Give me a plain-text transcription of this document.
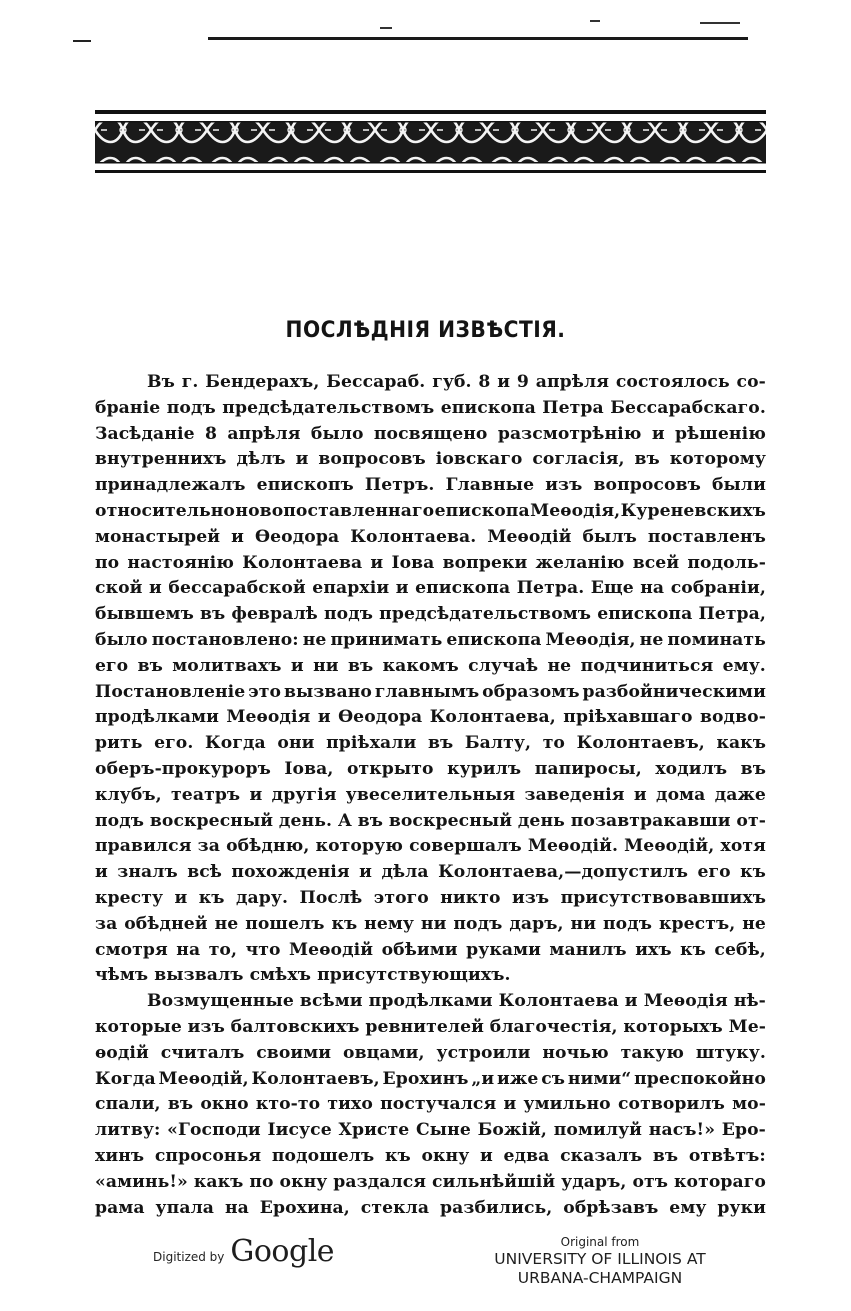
ПОСЛѢДНІЯ ИЗВѢСТІЯ.
Въ г. Бендерахъ, Бессараб. губ. 8 и 9 апрѣля состоялось со-
браніе подъ предсѣдательствомъ епископа Петра Бессарабскаго.
Засѣданіе 8 апрѣля было посвящено разсмотрѣнію и рѣшенію
внутреннихъ дѣлъ и вопросовъ іовскаго согласія, въ которому
принадлежалъ епископъ Петръ. Главные изъ вопросовъ были
относительно новопоставленнаго епископа Меѳодія, Куреневскихъ
монастырей и Ѳеодора Колонтаева. Меѳодій былъ поставленъ
по настоянію Колонтаева и Іова вопреки желанію всей подоль-
ской и бессарабской епархіи и епископа Петра. Еще на собраніи,
бывшемъ въ февралѣ подъ предсѣдательствомъ епископа Петра,
было постановлено: не принимать епископа Меѳодія, не поминать
его въ молитвахъ и ни въ какомъ случаѣ не подчиниться ему.
Постановленіе это вызвано главнымъ образомъ разбойническими
продѣлками Меѳодія и Ѳеодора Колонтаева, пріѣхавшаго водво-
рить его. Когда они пріѣхали въ Балту, то Колонтаевъ, какъ
оберъ-прокуроръ Іова, открыто курилъ папиросы, ходилъ въ
клубъ, театръ и другія увеселительныя заведенія и дома даже
подъ воскресный день. А въ воскресный день позавтракавши от-
правился за обѣдню, которую совершалъ Меѳодій. Меѳодій, хотя
и зналъ всѣ похожденія и дѣла Колонтаева,—допустилъ его къ
кресту и къ дару. Послѣ этого никто изъ присутствовавшихъ
за обѣдней не пошелъ къ нему ни подъ даръ, ни подъ крестъ, не
смотря на то, что Меѳодій обѣими руками манилъ ихъ къ себѣ,
чѣмъ вызвалъ смѣхъ присутствующихъ.
Возмущенные всѣми продѣлками Колонтаева и Меѳодія нѣ-
которые изъ балтовскихъ ревнителей благочестія, которыхъ Ме-
ѳодій считалъ своими овцами, устроили ночью такую штуку.
Когда Меѳодій, Колонтаевъ, Ерохинъ „и иже съ ними“ преспокойно
спали, въ окно кто-то тихо постучался и умильно сотворилъ мо-
литву: «Господи Іисусе Христе Сыне Божій, помилуй насъ!» Еро-
хинъ спросонья подошелъ къ окну и едва сказалъ въ отвѣтъ:
«аминь!» какъ по окну раздался сильнѣйшій ударъ, отъ котораго
рама упала на Ерохина, стекла разбились, обрѣзавъ ему руки
Digitized by Google	Original from
UNIVERSITY OF ILLINOIS AT
URBANA-CHAMPAIGN
